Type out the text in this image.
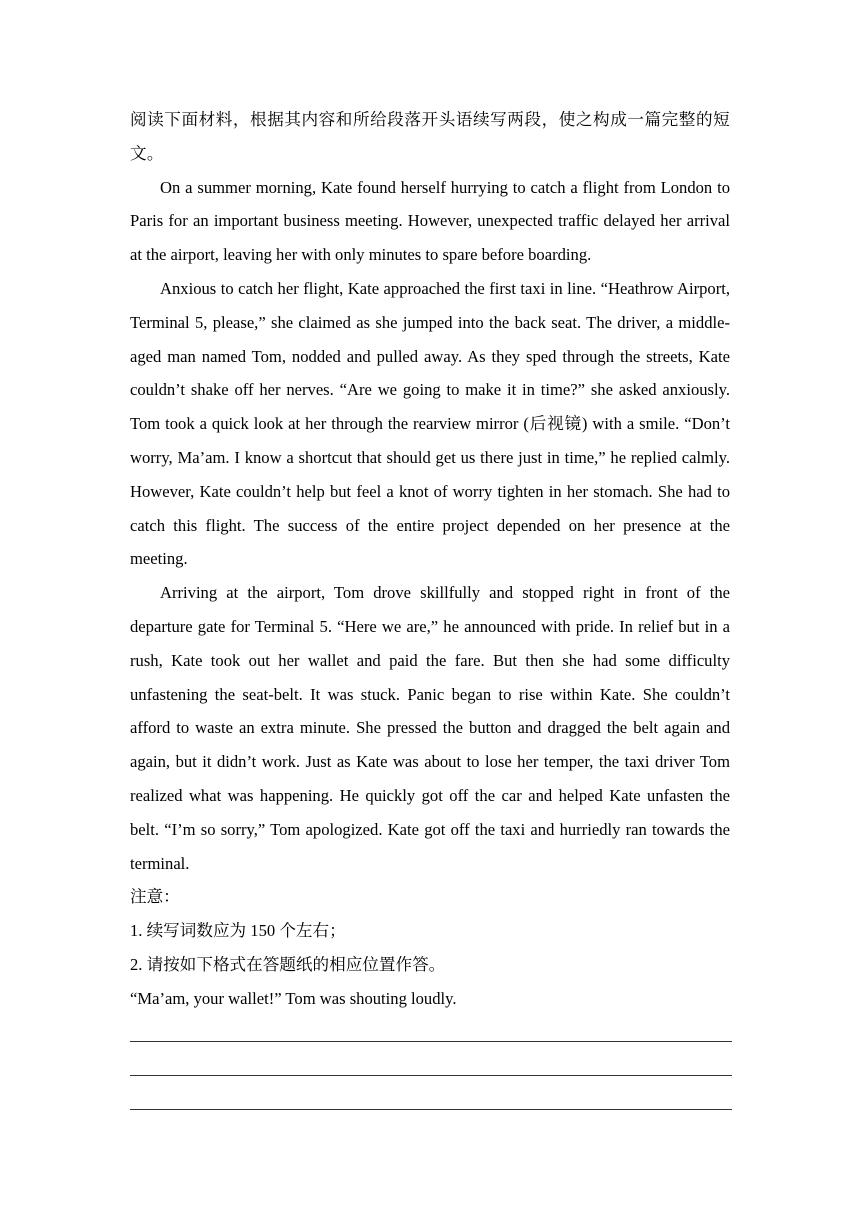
阅读下面材料，根据其内容和所给段落开头语续写两段，使之构成一篇完整的短文。

On a summer morning, Kate found herself hurrying to catch a flight from London to Paris for an important business meeting. However, unexpected traffic delayed her arrival at the airport, leaving her with only minutes to spare before boarding.

Anxious to catch her flight, Kate approached the first taxi in line. “Heathrow Airport, Terminal 5, please,” she claimed as she jumped into the back seat. The driver, a middle-aged man named Tom, nodded and pulled away. As they sped through the streets, Kate couldn’t shake off her nerves. “Are we going to make it in time?” she asked anxiously. Tom took a quick look at her through the rearview mirror (后视镜) with a smile. “Don’t worry, Ma’am. I know a shortcut that should get us there just in time,” he replied calmly. However, Kate couldn’t help but feel a knot of worry tighten in her stomach. She had to catch this flight. The success of the entire project depended on her presence at the meeting.

Arriving at the airport, Tom drove skillfully and stopped right in front of the departure gate for Terminal 5. “Here we are,” he announced with pride. In relief but in a rush, Kate took out her wallet and paid the fare. But then she had some difficulty unfastening the seat-belt. It was stuck. Panic began to rise within Kate. She couldn’t afford to waste an extra minute. She pressed the button and dragged the belt again and again, but it didn’t work. Just as Kate was about to lose her temper, the taxi driver Tom realized what was happening. He quickly got off the car and helped Kate unfasten the belt. “I’m so sorry,” Tom apologized. Kate got off the taxi and hurriedly ran towards the terminal.

注意：

1. 续写词数应为 150 个左右；

2. 请按如下格式在答题纸的相应位置作答。

“Ma’am, your wallet!” Tom was shouting loudly.
